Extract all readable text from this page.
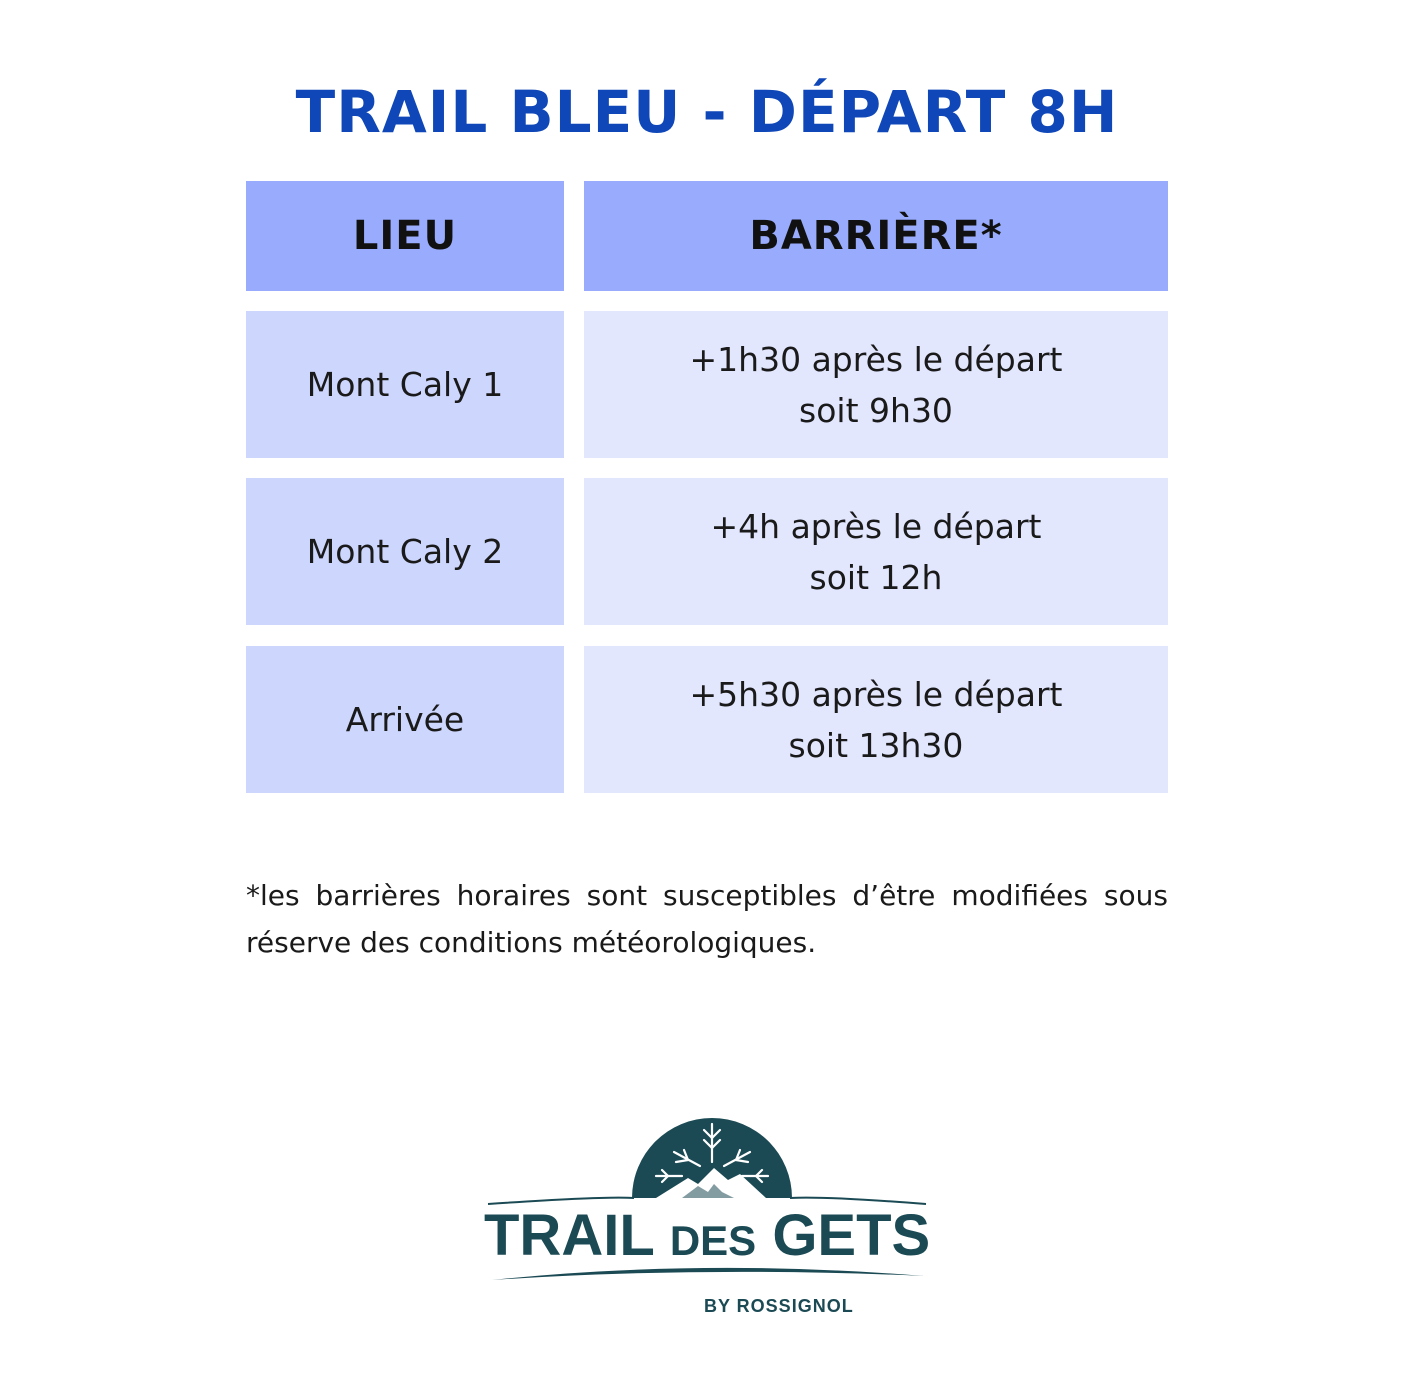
TRAIL BLEU - DÉPART 8H
LIEU	BARRIÈRE*
Mont Caly 1
+1h30 après le départ
soit 9h30
Mont Caly 2
+4h après le départ
soit 12h
Arrivée
+5h30 après le départ
soit 13h30

*les barrières horaires sont susceptibles d’être modifiées sous réserve des conditions météorologiques.

TRAIL DES GETS
BY ROSSIGNOL
